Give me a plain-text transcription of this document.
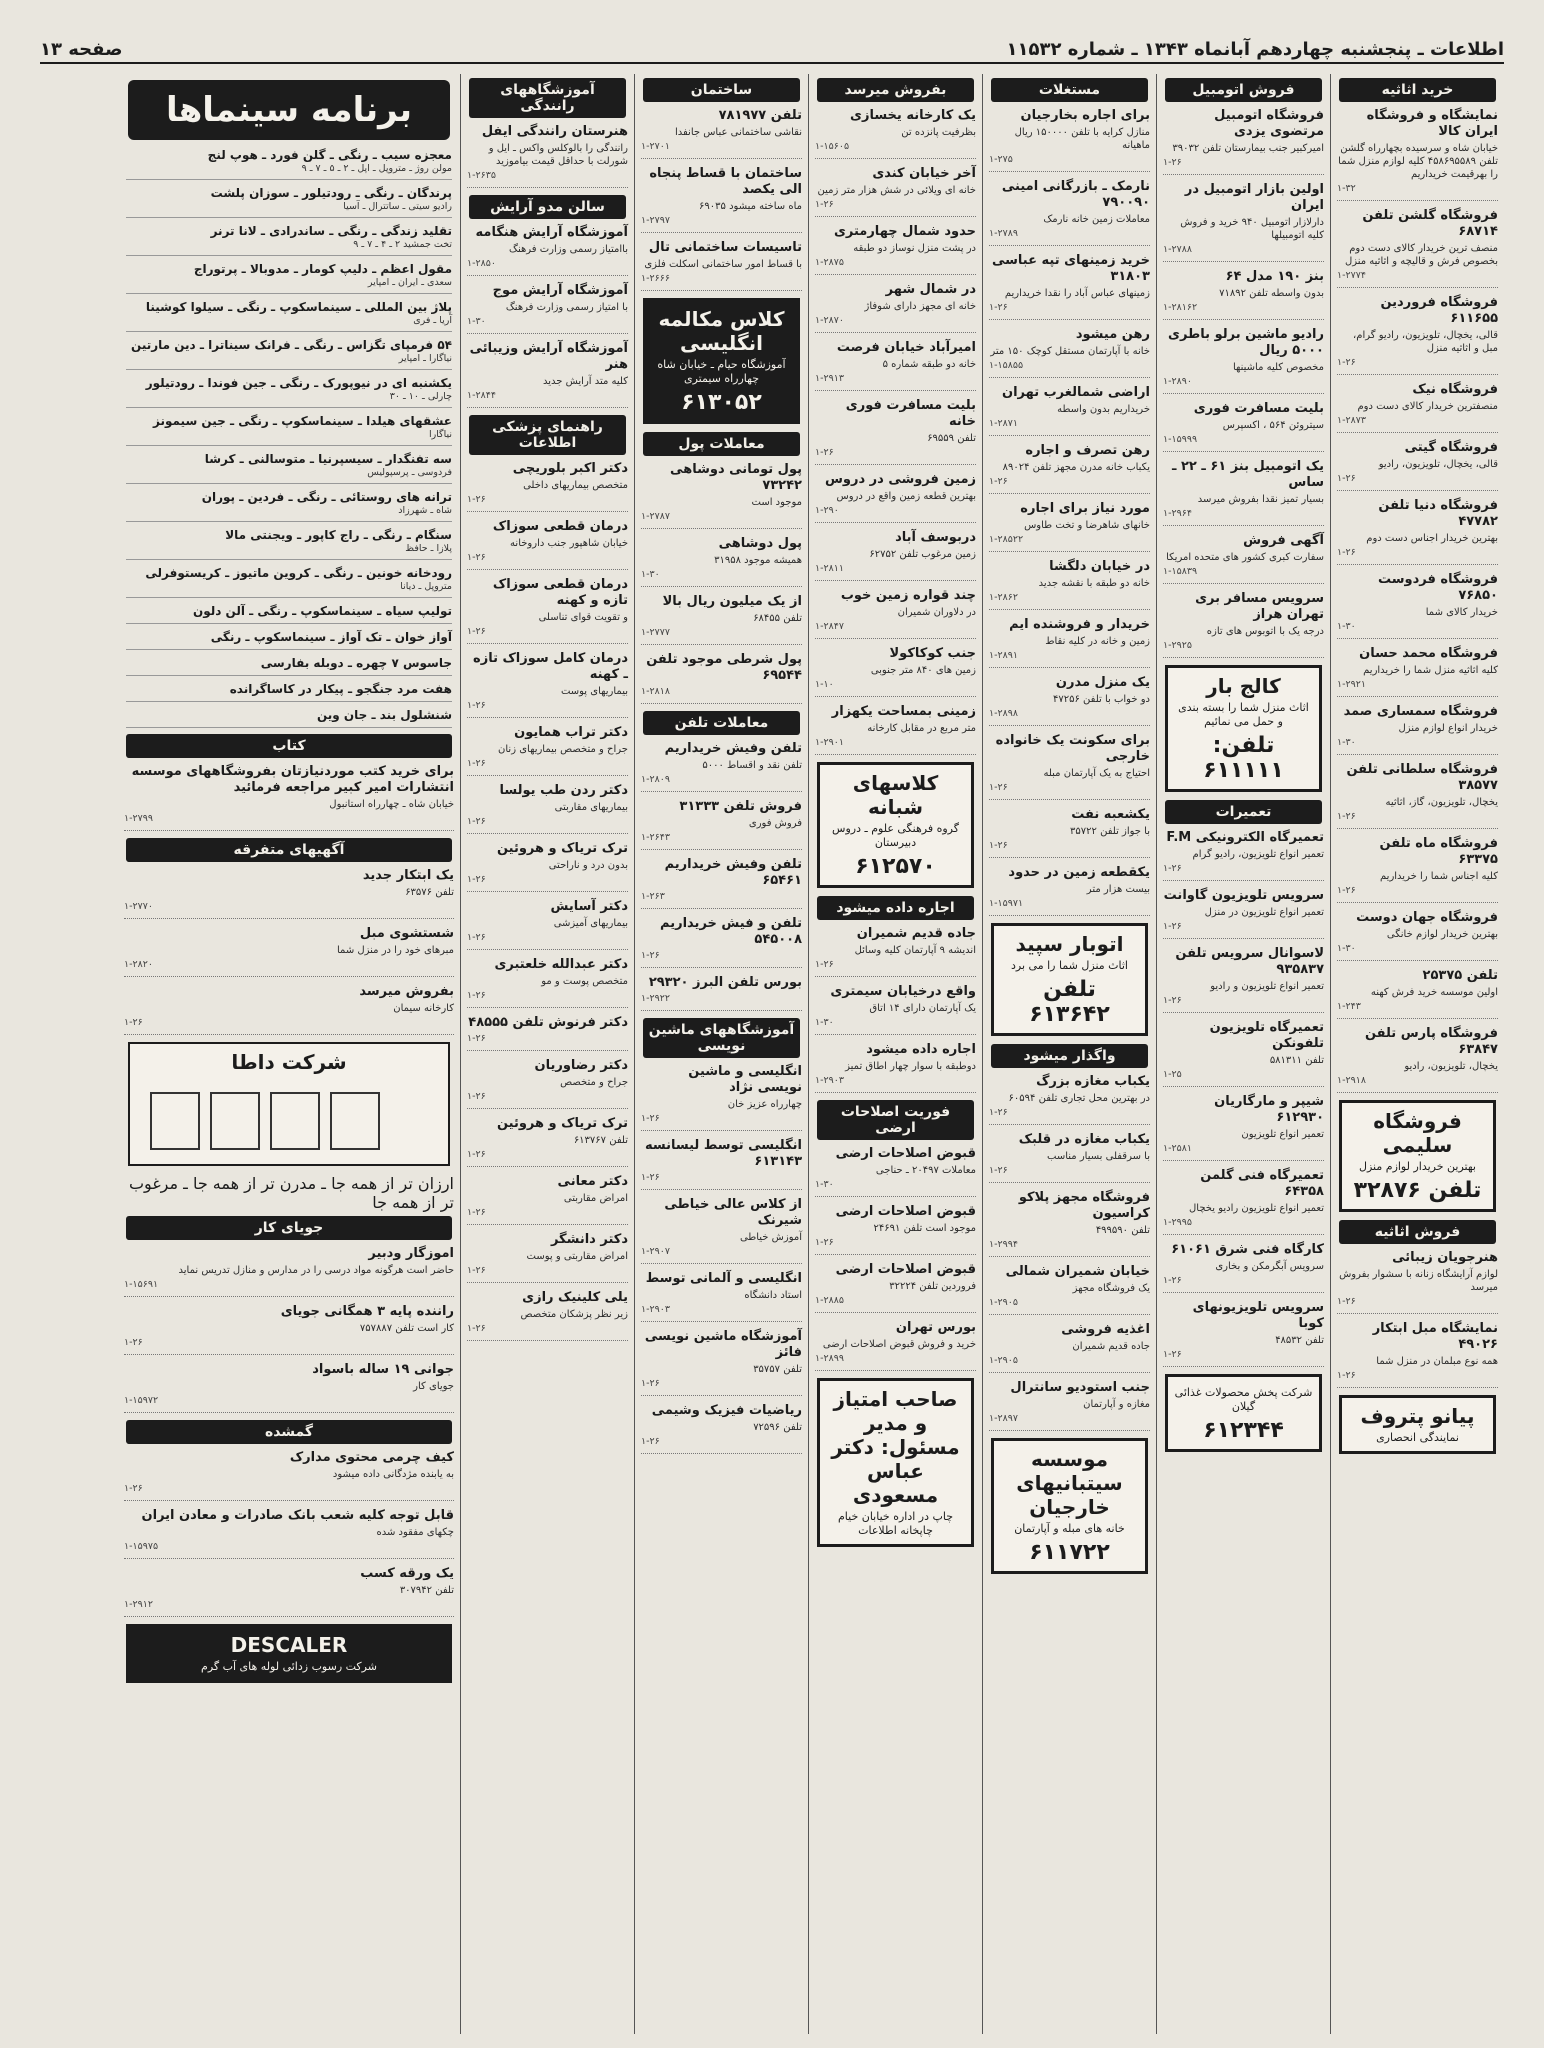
صفحه ۱۳	اطلاعات ـ پنجشنبه چهاردهم آبانماه ۱۳۴۳ ـ شماره ۱۱۵۳۲
خرید اثاثیه
نمایشگاه و فروشگاه ایران کالا
خیابان شاه و سرسیده بچهارراه گلشن تلفن ۴۵۸۶۹۵۵۸۹ کلیه لوازم منزل شما را بهرقیمت خریداریم
۱-۳۲
فروشگاه گلشن تلفن ۶۸۷۱۴
منصف ترین خریدار کالای دست دوم بخصوص فرش و قالیچه و اثاثیه منزل
۱-۲۷۷۴
فروشگاه فروردین ۶۱۱۶۵۵
قالی، یخچال، تلویزیون، رادیو گرام، مبل و اثاثیه منزل
۱-۲۶
فروشگاه نیک
منصفترین خریدار کالای دست دوم
۱-۲۸۷۳
فروشگاه گیتی
قالی، یخچال، تلویزیون، رادیو
۱-۲۶
فروشگاه دنیا تلفن ۴۷۷۸۲
بهترین خریدار اجناس دست دوم
۱-۲۶
فروشگاه فردوست ۷۶۸۵۰
خریدار کالای شما
۱-۳۰
فروشگاه محمد حسان
کلیه اثاثیه منزل شما را خریداریم
۱-۲۹۲۱
فروشگاه سمساری صمد
خریدار انواع لوازم منزل
۱-۳۰
فروشگاه سلطانی تلفن ۳۸۵۷۷
یخچال، تلویزیون، گاز، اثاثیه
۱-۲۶
فروشگاه ماه تلفن ۶۳۳۷۵
کلیه اجناس شما را خریداریم
۱-۲۶
فروشگاه جهان دوست
بهترین خریدار لوازم خانگی
۱-۳۰
تلفن ۲۵۳۷۵
اولین موسسه خرید فرش کهنه
۱-۲۴۳
فروشگاه پارس تلفن ۶۳۸۴۷
یخچال، تلویزیون، رادیو
۱-۲۹۱۸
فروشگاه سلیمی
بهترین خریدار لوازم منزل
تلفن ۳۲۸۷۶
فروش اثاثیه
هنرجویان زیبائی
لوازم آرایشگاه زنانه با سشوار بفروش میرسد
۱-۲۶
نمایشگاه مبل ابتکار ۴۹۰۲۶
همه نوع مبلمان در منزل شما
۱-۲۶
پیانو پتروف
نمایندگی انحصاری
فروش اتومبیل
فروشگاه اتومبیل مرتضوی یزدی
امیرکبیر جنب بیمارستان تلفن ۳۹۰۳۲
۱-۲۶
اولین بازار اتومبیل در ایران
دارلازار اتومبیل ۹۴۰ خرید و فروش کلیه اتومبیلها
۱-۲۷۸۸
بنز ۱۹۰ مدل ۶۴
بدون واسطه تلفن ۷۱۸۹۲
۱-۲۸۱۶۲
رادیو ماشین برلو باطری ۵۰۰۰ ریال
مخصوص کلیه ماشینها
۱-۲۸۹۰
بلیت مسافرت فوری
سیتروئن ۵۶۴ ، اکسپرس
۱-۱۵۹۹۹
یک اتومبیل بنز ۶۱ ـ ۲۲ ـ ساس
بسیار تمیز نقدا بفروش میرسد
۱-۲۹۶۴
آگهی فروش
سفارت کبری کشور های متحده امریکا
۱-۱۵۸۳۹
سرویس مسافر بری تهران هراز
درجه یک با اتوبوس های تازه
۱-۲۹۲۵
کالج بار
اثاث منزل شما را بسته بندی و حمل می نمائیم
تلفن: ۶۱۱۱۱۱
تعمیرات
تعمیرگاه الکترونیکی F.M
تعمیر انواع تلویزیون، رادیو گرام
۱-۲۶
سرویس تلویزیون گاوانت
تعمیر انواع تلویزیون در منزل
۱-۲۶
لاسوانال سرویس تلفن ۹۳۵۸۳۷
تعمیر انواع تلویزیون و رادیو
۱-۲۶
تعمیرگاه تلویزیون تلفونکن
تلفن ۵۸۱۳۱۱
۱-۲۵
شیپر و مارگاریان ۶۱۲۹۳۰
تعمیر انواع تلویزیون
۱-۲۵۸۱
تعمیرگاه فنی گلمن ۶۴۳۵۸
تعمیر انواع تلویزیون رادیو یخچال
۱-۲۹۹۵
کارگاه فنی شرق ۶۱۰۶۱
سرویس آبگرمکن و بخاری
۱-۲۶
سرویس تلویزیونهای کوبا
تلفن ۴۸۵۳۲
۱-۲۶
شرکت پخش محصولات غذائی گیلان
۶۱۲۳۴۴
مستغلات
برای اجاره بخارجیان
منازل کرایه با تلفن ۱۵۰۰۰۰ ریال ماهیانه
۱-۲۷۵
نارمک ـ بازرگانی امینی ۷۹۰۰۹۰
معاملات زمین خانه نارمک
۱-۲۷۸۹
خرید زمینهای تپه عباسی ۳۱۸۰۳
زمینهای عباس آباد را نقدا خریداریم
۱-۲۶
رهن میشود
خانه با آپارتمان مستقل کوچک ۱۵۰ متر
۱-۱۵۸۵۵
اراضی شمالغرب تهران
خریداریم بدون واسطه
۱-۲۸۷۱
رهن تصرف و اجاره
یکباب خانه مدرن مجهز تلفن ۸۹۰۲۴
۱-۲۶
مورد نیاز برای اجاره
خانهای شاهرضا و تخت طاوس
۱-۲۸۵۲۲
در خیابان دلگشا
خانه دو طبقه با نقشه جدید
۱-۲۸۶۲
خریدار و فروشنده ایم
زمین و خانه در کلیه نقاط
۱-۲۸۹۱
یک منزل مدرن
دو خواب با تلفن ۴۷۲۵۶
۱-۲۸۹۸
برای سکونت یک خانواده خارجی
احتیاج به یک آپارتمان مبله
۱-۲۶
یکشعبه نفت
با جواز تلفن ۳۵۷۲۲
۱-۲۶
یکقطعه زمین در حدود
بیست هزار متر
۱-۱۵۹۷۱
اتوبار سپید
اثاث منزل شما را می برد
تلفن ۶۱۳۶۴۲
واگذار میشود
یکباب مغازه بزرگ
در بهترین محل تجاری تلفن ۶۰۵۹۴
۱-۲۶
یکباب مغازه در قلبک
با سرقفلی بسیار مناسب
۱-۲۶
فروشگاه مجهز پلاکو کراسیون
تلفن ۴۹۹۵۹۰
۱-۲۹۹۴
خیابان شمیران شمالی
یک فروشگاه مجهز
۱-۲۹۰۵
اغذیه فروشی
جاده قدیم شمیران
۱-۲۹۰۵
جنب استودیو سانترال
مغازه و آپارتمان
۱-۲۸۹۷
موسسه سیتبانیهای خارجیان
خانه های مبله و آپارتمان
۶۱۱۷۲۲
بفروش میرسد
یک کارخانه یخسازی
بظرفیت پانزده تن
۱-۱۵۶۰۵
آخر خیابان کندی
خانه ای ویلائی در شش هزار متر زمین
۱-۲۶
حدود شمال چهارمتری
در پشت منزل نوساز دو طبقه
۱-۲۸۷۵
در شمال شهر
خانه ای مجهز دارای شوفاژ
۱-۲۸۷۰
امیرآباد خیابان فرصت
خانه دو طبقه شماره ۵
۱-۲۹۱۳
بلیت مسافرت فوری خانه
تلفن ۶۹۵۵۹
۱-۲۶
زمین فروشی در دروس
بهترین قطعه زمین واقع در دروس
۱-۲۹۰
دربوسف آباد
زمین مرغوب تلفن ۶۲۷۵۲
۱-۲۸۱۱
چند قواره زمین خوب
در دلاوران شمیران
۱-۲۸۴۷
جنب کوکاکولا
زمین های ۸۴۰ متر جنوبی
۱-۱۰
زمینی بمساحت یکهزار
متر مربع در مقابل کارخانه
۱-۲۹۰۱
کلاسهای شبانه
گروه فرهنگی علوم ـ دروس دبیرستان
۶۱۲۵۷۰
اجاره داده میشود
جاده قدیم شمیران
اندیشه ۹ آپارتمان کلیه وسائل
۱-۲۶
واقع درخیابان سیمتری
یک آپارتمان دارای ۱۴ اتاق
۱-۳۰
اجاره داده میشود
دوطبقه با سوار چهار اطاق تمیز
۱-۲۹۰۳
فوریت اصلاحات ارضی
قبوض اصلاحات ارضی
معاملات ۲۰۴۹۷ ـ حناجی
۱-۳۰
قبوض اصلاحات ارضی
موجود است تلفن ۲۴۶۹۱
۱-۲۶
قبوض اصلاحات ارضی
فروردین تلفن ۳۲۲۲۴
۱-۲۸۸۵
بورس تهران
خرید و فروش قبوض اصلاحات ارضی
۱-۲۸۹۹
صاحب امتیاز و مدیر مسئول: دکتر عباس مسعودی
چاپ در اداره خیابان خیام چاپخانه اطلاعات
ساختمان
تلفن ۷۸۱۹۷۷
نقاشی ساختمانی عباس جانفدا
۱-۲۷۰۱
ساختمان با قساط پنجاه الی یکصد
ماه ساخته میشود ۶۹۰۳۵
۱-۲۷۹۷
تاسیسات ساختمانی تال
با قساط امور ساختمانی اسکلت فلزی
۱-۲۶۶۶
کلاس مکالمه انگلیسی
آموزشگاه حیام ـ خیابان شاه چهارراه سیمتری
۶۱۳۰۵۲
معاملات پول
پول تومانی دوشاهی ۷۳۲۴۲
موجود است
۱-۲۷۸۷
پول دوشاهی
همیشه موجود ۳۱۹۵۸
۱-۳۰
از یک میلیون ریال بالا
تلفن ۶۸۴۵۵
۱-۲۷۷۷
پول شرطی موجود تلفن ۶۹۵۴۴
۱-۲۸۱۸
معاملات تلفن
تلفن وفیش خریداریم
تلفن نقد و اقساط ۵۰۰۰
۱-۲۸۰۹
فروش تلفن ۳۱۳۳۳
فروش فوری
۱-۲۶۴۳
تلفن وفیش خریداریم ۶۵۴۶۱
۱-۲۶۳
تلفن و فیش خریداریم ۵۴۵۰۰۸
۱-۲۶
بورس تلفن البرز ۲۹۳۲۰
۱-۲۹۲۲
آموزشگاههای ماشین نویسی
انگلیسی و ماشین نویسی نژاد
چهارراه عزیز خان
۱-۲۶
انگلیسی توسط لیسانسه ۶۱۳۱۴۳
۱-۲۶
از کلاس عالی خیاطی شیرنک
آموزش خیاطی
۱-۲۹۰۷
انگلیسی و آلمانی توسط
استاد دانشگاه
۱-۲۹۰۳
آموزشگاه ماشین نویسی فائز
تلفن ۳۵۷۵۷
۱-۲۶
ریاضیات فیزیک وشیمی
تلفن ۷۲۵۹۶
۱-۲۶
آموزشگاههای رانندگی
هنرستان رانندگی ایفل
رانندگی را بالوکلس واکس ـ ایل و شورلت با حداقل قیمت بیاموزید
۱-۲۶۳۵
سالن مدو آرایش
آموزشگاه آرایش هنگامه
باامتیاز رسمی وزارت فرهنگ
۱-۲۸۵۰
آموزشگاه آرایش موج
با امتیاز رسمی وزارت فرهنگ
۱-۳۰
آموزشگاه آرایش وزیبائی هنر
کلیه متد آرایش جدید
۱-۲۸۴۴
راهنمای پزشکی اطلاعات
دکتر اکبر بلوریچی
متخصص بیماریهای داخلی
۱-۲۶
درمان قطعی سوزاک
خیابان شاهپور جنب داروخانه
۱-۲۶
درمان قطعی سوزاک تازه و کهنه
و تقویت قوای تناسلی
۱-۲۶
درمان کامل سوزاک تازه ـ کهنه
بیماریهای پوست
۱-۲۶
دکتر تراب همایون
جراح و متخصص بیماریهای زنان
۱-۲۶
دکتر ردن طب یولسا
بیماریهای مقاربتی
۱-۲۶
ترک تریاک و هروئین
بدون درد و ناراحتی
۱-۲۶
دکتر آسایش
بیماریهای آمیزشی
۱-۲۶
دکتر عبدالله خلعتبری
متخصص پوست و مو
۱-۲۶
دکتر فرنوش تلفن ۴۸۵۵۵
۱-۲۶
دکتر رضاوریان
جراح و متخصص
۱-۲۶
ترک تریاک و هروئین
تلفن ۶۱۳۷۶۷
۱-۲۶
دکتر معانی
امراض مقاربتی
۱-۲۶
دکتر دانشگر
امراض مقاربتی و پوست
۱-۲۶
یلی کلینیک رازی
زیر نظر پزشکان متخصص
۱-۲۶
برنامه سینماها
معجزه سیب ـ رنگی ـ گلن فورد ـ هوپ لنج
مولن روژ ـ متروپل ـ اپل ـ ۲ ـ ۵ ـ ۷ ـ ۹
پرندگان ـ رنگی ـ رودتیلور ـ سوزان پلشت
رادیو سیتی ـ ساتترال ـ آسیا
تقلید زندگی ـ رنگی ـ ساندرادی ـ لانا ترنر
تخت جمشید ۲ ـ ۴ ـ ۷ ـ ۹
مقول اعظم ـ دلیپ کومار ـ مدوبالا ـ پرتوراج
سعدی ـ ایران ـ امپایر
پلاژ بین المللی ـ سینماسکوپ ـ رنگی ـ سیلوا کوشینا
آریا ـ فری
۵۴ فرمپای تگزاس ـ رنگی ـ فرانک سیناترا ـ دین مارتین
نیاگارا ـ امپایر
یکشنبه ای در نیوپورک ـ رنگی ـ جین فوندا ـ رودتیلور
چارلی ـ ۱۰ ـ ۳۰
عشقهای هیلدا ـ سینماسکوپ ـ رنگی ـ جین سیمونز
نیاگارا
سه تفنگدار ـ سیسپرنیا ـ متوسالنی ـ کرشا
فردوسی ـ پرسپولیس
ترانه های روستائی ـ رنگی ـ فردین ـ پوران
شاه ـ شهرزاد
سنگام ـ رنگی ـ راج کاپور ـ ویجنتی مالا
پلازا ـ حافظ
رودخانه خونین ـ رنگی ـ کروین ماتیوز ـ کریستوفرلی
متروپل ـ دیانا
تولیپ سیاه ـ سینماسکوپ ـ رنگی ـ آلن دلون
آواز خوان ـ تک آواز ـ سینماسکوپ ـ رنگی
جاسوس ۷ چهره ـ دوبله بفارسی
هفت مرد جنگجو ـ پیکار در کاساگرانده
شنشلول بند ـ جان وین
کتاب
برای خرید کتب موردنیازتان بفروشگاههای موسسه انتشارات امیر کبیر مراجعه فرمائید
خیابان شاه ـ چهارراه استانبول
۱-۲۷۹۹
آگهیهای متفرقه
یک ابتکار جدید
تلفن ۶۳۵۷۶
۱-۲۷۷۰
شستشوی مبل
مبرهای خود را در منزل شما
۱-۲۸۲۰
بفروش میرسد
کارخانه سیمان
۱-۲۶
شرکت داطا
ارزان تر از همه جا ـ مدرن تر از همه جا ـ مرغوب تر از همه جا
جویای کار
اموزگار ودبیر
حاضر است هرگونه مواد درسی را در مدارس و منازل تدریس نماید
۱-۱۵۶۹۱
راننده پایه ۳ همگانی جویای
کار است تلفن ۷۵۷۸۸۷
۱-۲۶
جوانی ۱۹ ساله باسواد
جویای کار
۱-۱۵۹۷۲
گمشده
کیف چرمی محتوی مدارک
به یابنده مژدگانی داده میشود
۱-۲۶
قابل توجه کلیه شعب بانک صادرات و معادن ایران
چکهای مفقود شده
۱-۱۵۹۷۵
یک ورقه کسب
تلفن ۳۰۷۹۴۲
۱-۲۹۱۲
DESCALER
شرکت رسوب زدائی لوله های آب گرم
